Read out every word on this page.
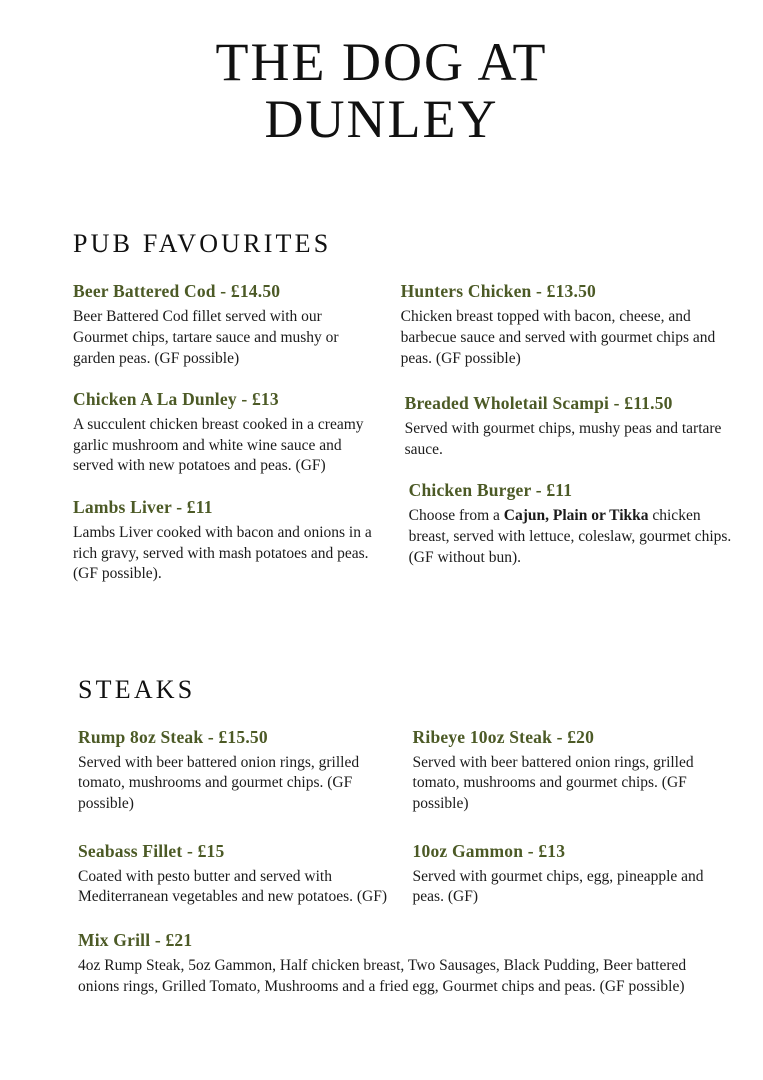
THE DOG AT
DUNLEY
PUB FAVOURITES
Beer Battered Cod - £14.50

Beer Battered Cod fillet served with our Gourmet chips, tartare sauce and mushy or garden peas. (GF possible)

Chicken A La Dunley - £13

A succulent chicken breast cooked in a creamy garlic mushroom and white wine sauce and served with new potatoes and peas. (GF)

Lambs Liver - £11

Lambs Liver cooked with bacon and onions in a rich gravy, served with mash potatoes and peas. (GF possible).

Hunters Chicken - £13.50

Chicken breast topped with bacon, cheese, and barbecue sauce and served with gourmet chips and peas. (GF possible)

Breaded Wholetail Scampi - £11.50

Served with gourmet chips, mushy peas and tartare sauce.

Chicken Burger - £11

Choose from a Cajun, Plain or Tikka chicken breast, served with lettuce, coleslaw, gourmet chips. (GF without bun).

STEAKS
Rump 8oz Steak - £15.50

Served with beer battered onion rings, grilled tomato, mushrooms and gourmet chips. (GF possible)

Seabass Fillet - £15

Coated with pesto butter and served with Mediterranean vegetables and new potatoes. (GF)

Ribeye 10oz Steak - £20

Served with beer battered onion rings, grilled tomato, mushrooms and gourmet chips. (GF possible)

10oz Gammon - £13

Served with gourmet chips, egg, pineapple and peas. (GF)

Mix Grill - £21

4oz Rump Steak, 5oz Gammon, Half chicken breast, Two Sausages, Black Pudding, Beer battered onions rings, Grilled Tomato, Mushrooms and a fried egg, Gourmet chips and peas. (GF possible)
